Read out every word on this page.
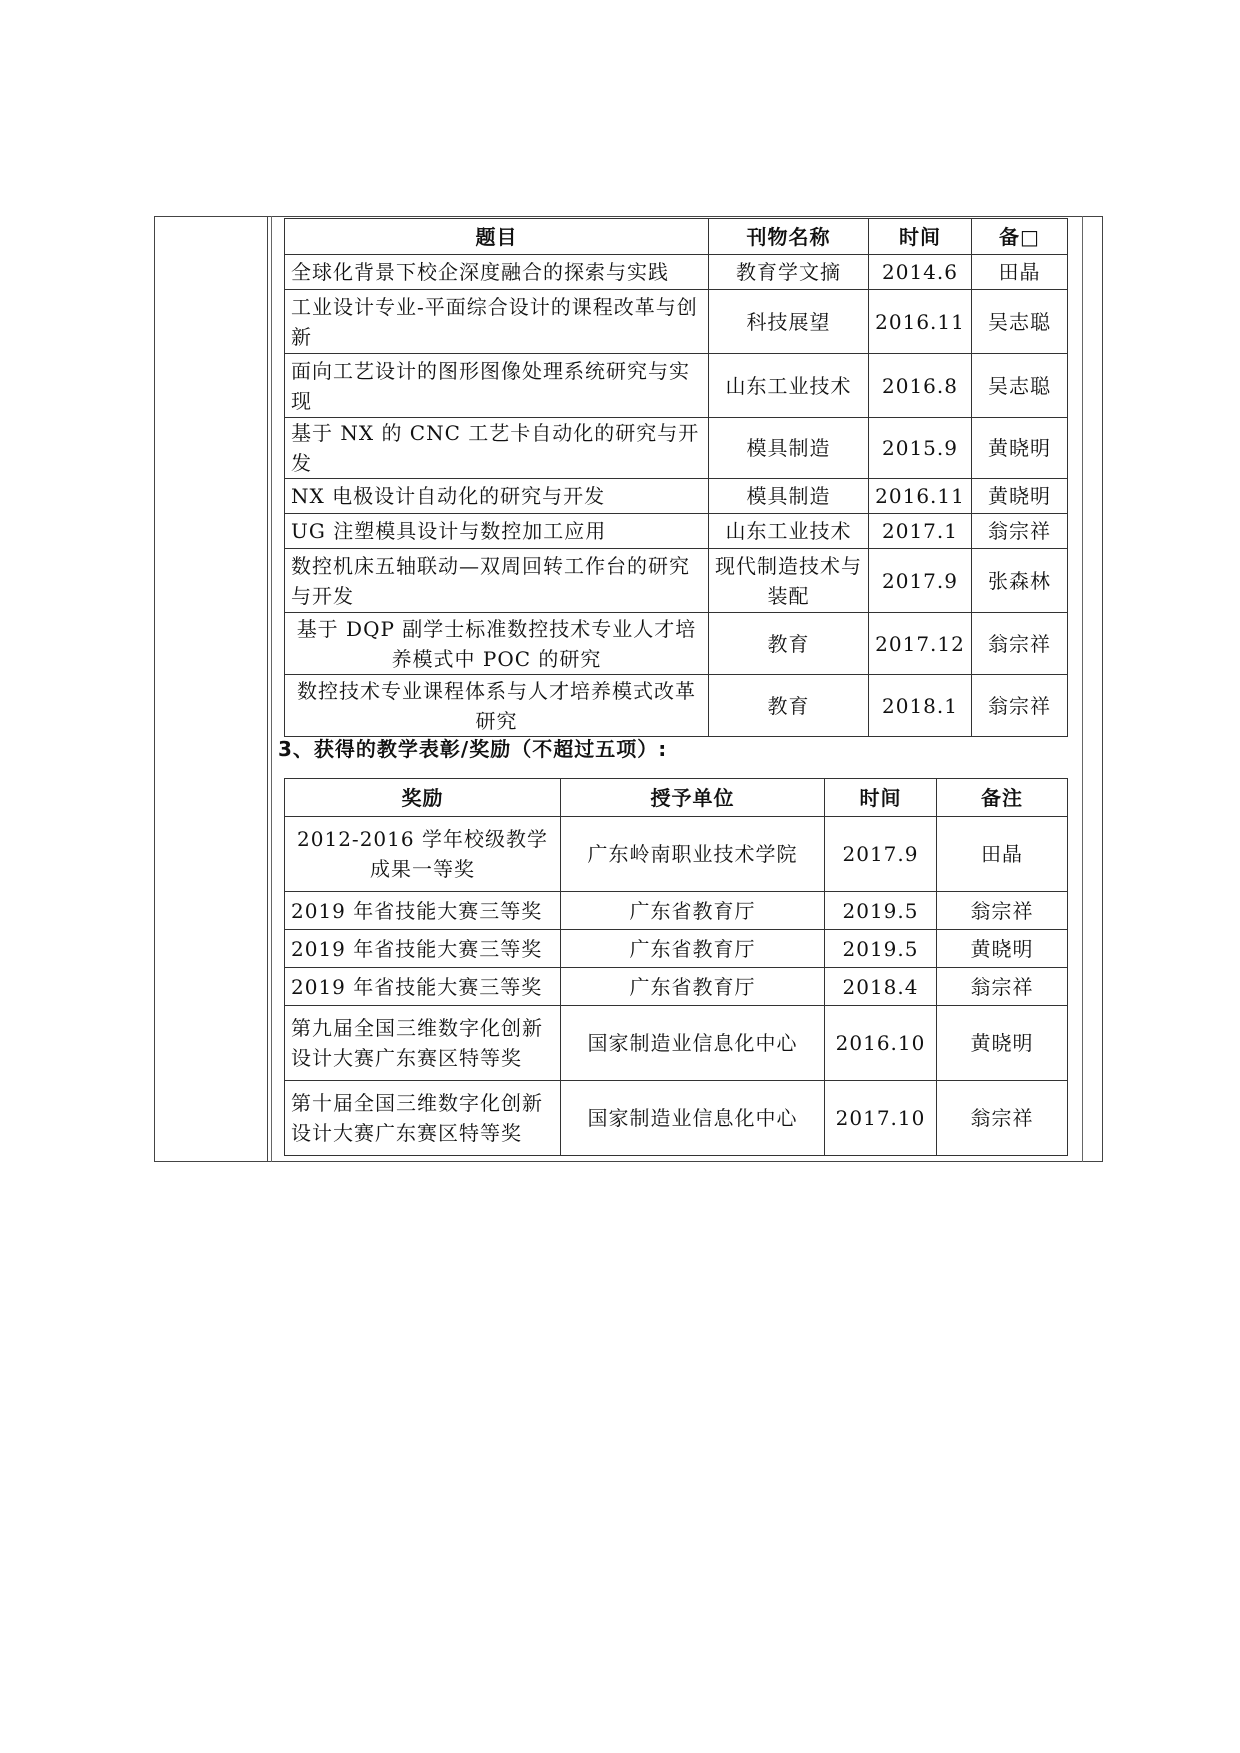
题目	刊物名称	时间	备□
全球化背景下校企深度融合的探索与实践	教育学文摘	2014.6	田晶
工业设计专业-平面综合设计的课程改革与创新	科技展望	2016.11	吴志聪
面向工艺设计的图形图像处理系统研究与实现	山东工业技术	2016.8	吴志聪
基于 NX 的 CNC 工艺卡自动化的研究与开发	模具制造	2015.9	黄晓明
NX 电极设计自动化的研究与开发	模具制造	2016.11	黄晓明
UG 注塑模具设计与数控加工应用	山东工业技术	2017.1	翁宗祥
数控机床五轴联动—双周回转工作台的研究与开发	现代制造技术与装配	2017.9	张森林
基于 DQP 副学士标准数控技术专业人才培养模式中 POC 的研究	教育	2017.12	翁宗祥
数控技术专业课程体系与人才培养模式改革研究	教育	2018.1	翁宗祥
3、获得的教学表彰/奖励（不超过五项）:
奖励	授予单位	时间	备注
2012-2016 学年校级教学成果一等奖	广东岭南职业技术学院	2017.9	田晶
2019 年省技能大赛三等奖	广东省教育厅	2019.5	翁宗祥
2019 年省技能大赛三等奖	广东省教育厅	2019.5	黄晓明
2019 年省技能大赛三等奖	广东省教育厅	2018.4	翁宗祥
第九届全国三维数字化创新设计大赛广东赛区特等奖	国家制造业信息化中心	2016.10	黄晓明
第十届全国三维数字化创新设计大赛广东赛区特等奖	国家制造业信息化中心	2017.10	翁宗祥
